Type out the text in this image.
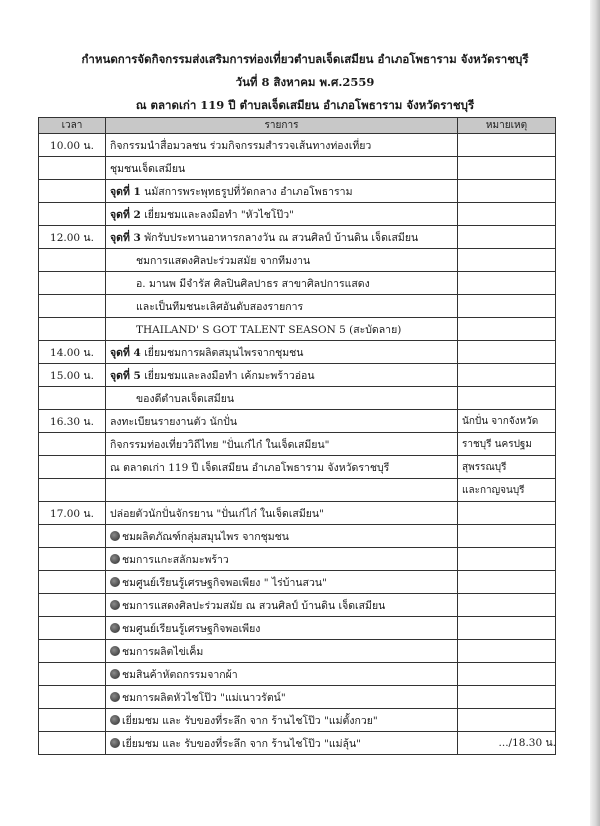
กำหนดการจัดกิจกรรมส่งเสริมการท่องเที่ยวตำบลเจ็ดเสมียน อำเภอโพธาราม จังหวัดราชบุรี
วันที่ 8 สิงหาคม พ.ศ.2559
ณ ตลาดเก่า 119 ปี ตำบลเจ็ดเสมียน อำเภอโพธาราม จังหวัดราชบุรี
เวลา	รายการ	หมายเหตุ
10.00 น.	กิจกรรมนำสื่อมวลชน ร่วมกิจกรรมสำรวจเส้นทางท่องเที่ยว	
	ชุมชนเจ็ดเสมียน	
	จุดที่ 1 นมัสการพระพุทธรูปที่วัดกลาง อำเภอโพธาราม	
	จุดที่ 2 เยี่ยมชมและลงมือทำ "หัวไชโป๊ว"	
12.00 น.	จุดที่ 3 พักรับประทานอาหารกลางวัน ณ สวนศิลป์ บ้านดิน เจ็ดเสมียน	
	ชมการแสดงศิลปะร่วมสมัย จากทีมงาน	
	อ. มานพ มีจำรัส ศิลปินศิลปาธร สาขาศิลปการแสดง	
	และเป็นทีมชนะเลิศอันดับสองรายการ	
	THAILAND' S GOT TALENT SEASON 5 (สะบัดลาย)	
14.00 น.	จุดที่ 4 เยี่ยมชมการผลิตสมุนไพรจากชุมชน	
15.00 น.	จุดที่ 5 เยี่ยมชมและลงมือทำ เค้กมะพร้าวอ่อน	
	ของดีตำบลเจ็ดเสมียน	
16.30 น.	ลงทะเบียนรายงานตัว นักปั่น	นักปั่น จากจังหวัด
	กิจกรรมท่องเที่ยววิถีไทย "ปั่นเก๋ไก๋ ในเจ็ดเสมียน"	ราชบุรี นครปฐม
	ณ ตลาดเก่า 119 ปี เจ็ดเสมียน อำเภอโพธาราม จังหวัดราชบุรี	สุพรรณบุรี
		และกาญจนบุรี
17.00 น.	ปล่อยตัวนักปั่นจักรยาน "ปั่นเก๋ไก๋ ในเจ็ดเสมียน"	
	ชมผลิตภัณฑ์กลุ่มสมุนไพร จากชุมชน	
	ชมการแกะสลักมะพร้าว	
	ชมศูนย์เรียนรู้เศรษฐกิจพอเพียง " ไร่บ้านสวน"	
	ชมการแสดงศิลปะร่วมสมัย ณ สวนศิลป์ บ้านดิน เจ็ดเสมียน	
	ชมศูนย์เรียนรู้เศรษฐกิจพอเพียง	
	ชมการผลิตไข่เค็ม	
	ชมสินค้าหัตถกรรมจากผ้า	
	ชมการผลิตหัวไชโป๊ว "แม่เนาวรัตน์"	
	เยี่ยมชม และ รับของที่ระลึก จาก ร้านไชโป๊ว "แม่ตั้งกวย"	
	เยี่ยมชม และ รับของที่ระลึก จาก ร้านไชโป๊ว "แม่ลุ้น"		.../18.30 น.
